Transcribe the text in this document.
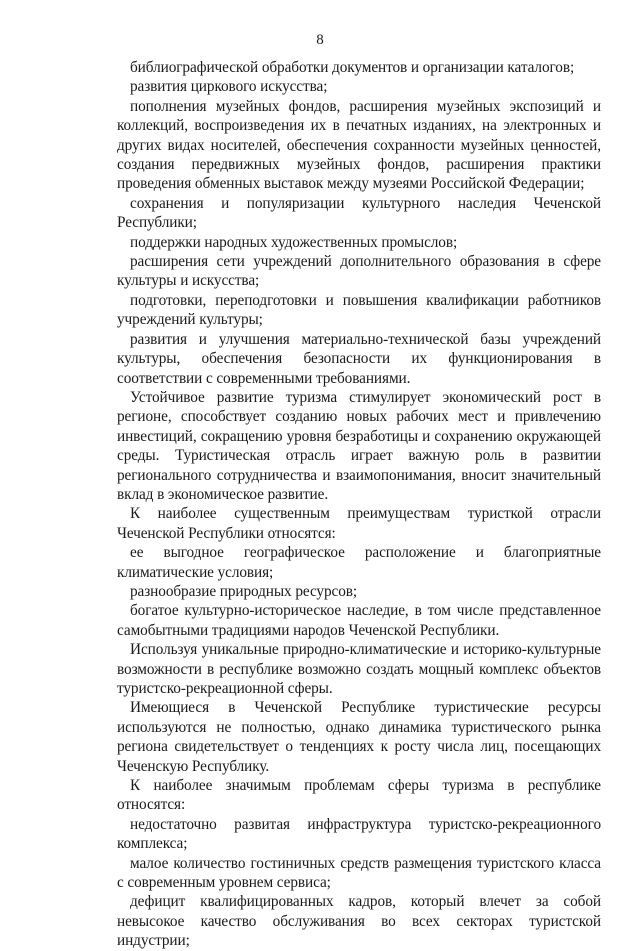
8

библиографической обработки документов и организации каталогов;

развития циркового искусства;

пополнения музейных фондов, расширения музейных экспозиций и коллекций, воспроизведения их в печатных изданиях, на электронных и других видах носителей, обеспечения сохранности музейных ценностей, создания передвижных музейных фондов, расширения практики проведения обменных выставок между музеями Российской Федерации;

сохранения и популяризации культурного наследия Чеченской Республики;

поддержки народных художественных промыслов;

расширения сети учреждений дополнительного образования в сфере культуры и искусства;

подготовки, переподготовки и повышения квалификации работников учреждений культуры;

развития и улучшения материально-технической базы учреждений культуры, обеспечения безопасности их функционирования в соответствии с современными требованиями.

Устойчивое развитие туризма стимулирует экономический рост в регионе, способствует созданию новых рабочих мест и привлечению инвестиций, сокращению уровня безработицы и сохранению окружающей среды. Туристическая отрасль играет важную роль в развитии регионального сотрудничества и взаимопонимания, вносит значительный вклад в экономическое развитие.

К наиболее существенным преимуществам туристкой отрасли Чеченской Республики относятся:

ее выгодное географическое расположение и благоприятные климатические условия;

разнообразие природных ресурсов;

богатое культурно-историческое наследие, в том числе представленное самобытными традициями народов Чеченской Республики.

Используя уникальные природно-климатические и историко-культурные возможности в республике возможно создать мощный комплекс объектов туристско-рекреационной сферы.

Имеющиеся в Чеченской Республике туристические ресурсы используются не полностью, однако динамика туристического рынка региона свидетельствует о тенденциях к росту числа лиц, посещающих Чеченскую Республику.

К наиболее значимым проблемам сферы туризма в республике относятся:

недостаточно развитая инфраструктура туристско-рекреационного комплекса;

малое количество гостиничных средств размещения туристского класса с современным уровнем сервиса;

дефицит квалифицированных кадров, который влечет за собой невысокое качество обслуживания во всех секторах туристской индустрии;
